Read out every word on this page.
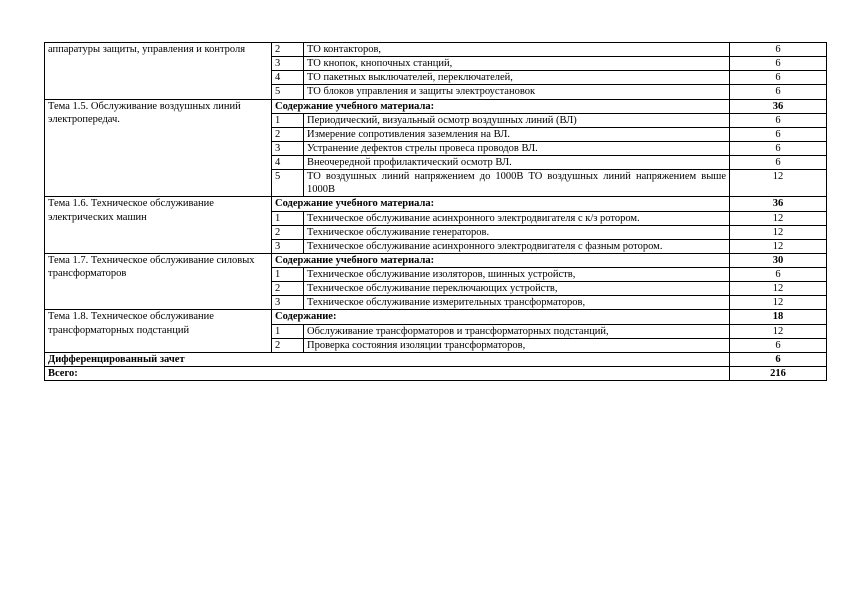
аппаратуры защиты, управления и контроля	2	ТО контакторов,	6
	3	ТО кнопок, кнопочных станций,	6
	4	ТО пакетных выключателей, переключателей,	6
	5	ТО блоков управления и защиты электроустановок	6
Тема 1.5. Обслуживание воздушных линий электропередач.	Содержание учебного материала:		36
	1	Периодический, визуальный осмотр воздушных линий (ВЛ)	6
	2	Измерение сопротивления заземления на ВЛ.	6
	3	Устранение дефектов стрелы провеса проводов ВЛ.	6
	4	Внеочередной профилактический осмотр ВЛ.	6
	5	ТО воздушных линий напряжением до 1000В ТО воздушных линий напряжением выше 1000В	12
Тема 1.6. Техническое обслуживание электрических машин	Содержание учебного материала:		36
	1	Техническое обслуживание асинхронного электродвигателя с к/з ротором.	12
	2	Техническое обслуживание генераторов.	12
	3	Техническое обслуживание асинхронного электродвигателя с фазным ротором.	12
Тема 1.7. Техническое обслуживание силовых трансформаторов	Содержание учебного материала:		30
	1	Техническое обслуживание изоляторов, шинных устройств,	6
	2	Техническое обслуживание переключающих устройств,	12
	3	Техническое обслуживание измерительных трансформаторов,	12
Тема 1.8. Техническое обслуживание трансформаторных подстанций	Содержание:		18
	1	Обслуживание трансформаторов и трансформаторных подстанций,	12
	2	Проверка состояния изоляции трансформаторов,	6
Дифференцированный зачет			6
Всего:			216
